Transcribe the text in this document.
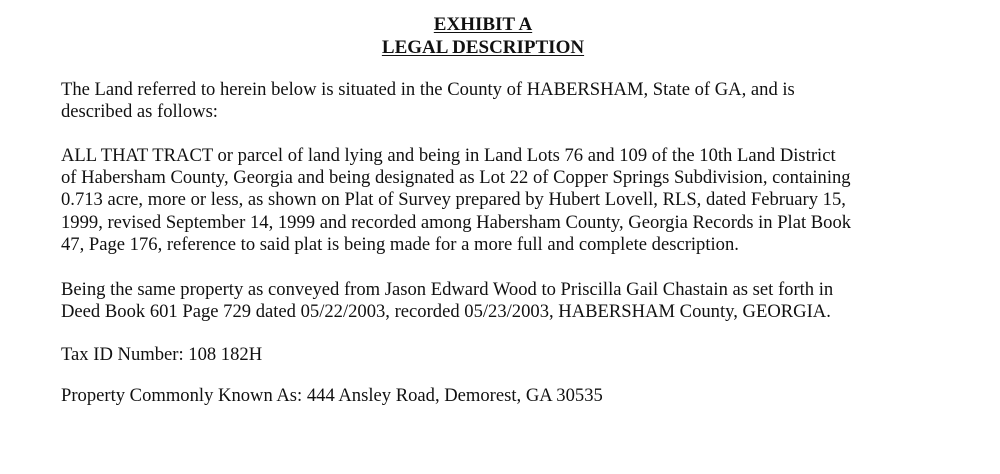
EXHIBIT A
LEGAL DESCRIPTION
The Land referred to herein below is situated in the County of HABERSHAM, State of GA, and is
described as follows:
ALL THAT TRACT or parcel of land lying and being in Land Lots 76 and 109 of the 10th Land District
of Habersham County, Georgia and being designated as Lot 22 of Copper Springs Subdivision, containing
0.713 acre, more or less, as shown on Plat of Survey prepared by Hubert Lovell, RLS, dated February 15,
1999, revised September 14, 1999 and recorded among Habersham County, Georgia Records in Plat Book
47, Page 176, reference to said plat is being made for a more full and complete description.
Being the same property as conveyed from Jason Edward Wood to Priscilla Gail Chastain as set forth in
Deed Book 601 Page 729 dated 05/22/2003, recorded 05/23/2003, HABERSHAM County, GEORGIA.
Tax ID Number: 108 182H
Property Commonly Known As: 444 Ansley Road, Demorest, GA 30535
